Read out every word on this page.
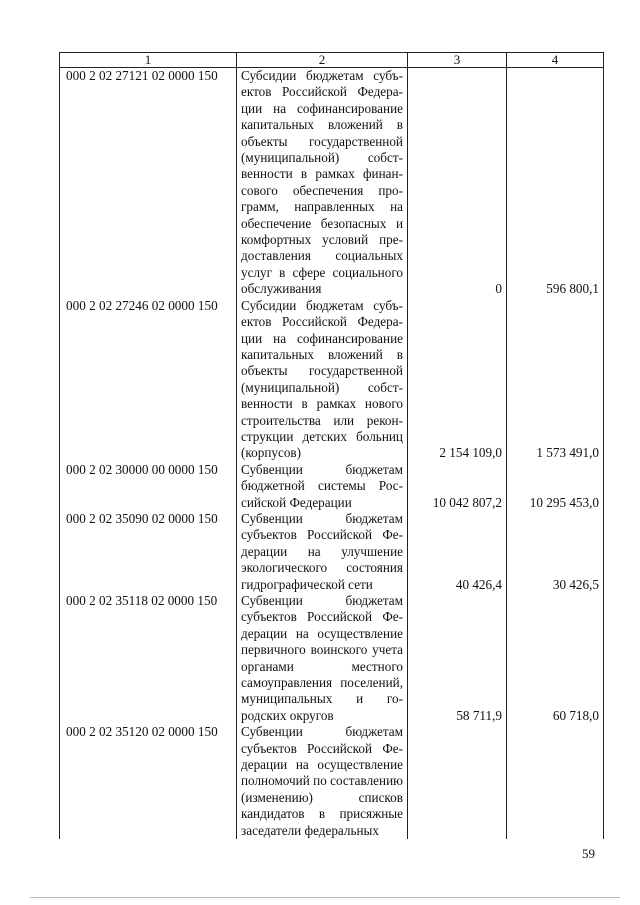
1	2	3	4
000 2 02 27121 02 0000 150	Субсидии бюджетам субъектов Российской Федерации на софинансирование капитальных вложений в объекты государственной (муниципальной) собственности в рамках финансового обеспечения программ, направленных на обеспечение безопасных и комфортных условий предоставления социальных услуг в сфере социального обслуживания	0	596 800,1
000 2 02 27246 02 0000 150	Субсидии бюджетам субъектов Российской Федерации на софинансирование капитальных вложений в объекты государственной (муниципальной) собственности в рамках нового строительства или реконструкции детских больниц (корпусов)	2 154 109,0	1 573 491,0
000 2 02 30000 00 0000 150	Субвенции бюджетам бюджетной системы Российской Федерации	10 042 807,2	10 295 453,0
000 2 02 35090 02 0000 150	Субвенции бюджетам субъектов Российской Федерации на улучшение экологического состояния гидрографической сети	40 426,4	30 426,5
000 2 02 35118 02 0000 150	Субвенции бюджетам субъектов Российской Федерации на осуществление первичного воинского учета органами местного самоуправления поселений, муниципальных и городских округов	58 711,9	60 718,0
000 2 02 35120 02 0000 150	Субвенции бюджетам субъектов Российской Федерации на осуществление полномочий по составлению (изменению) списков кандидатов в присяжные заседатели федеральных		
59
